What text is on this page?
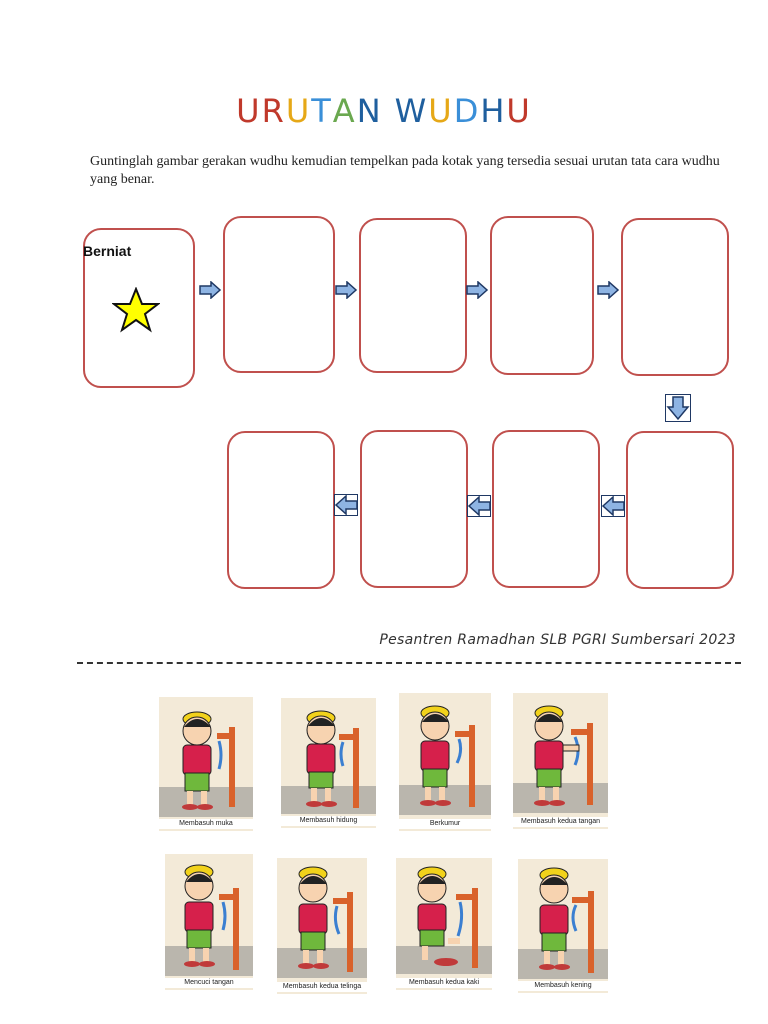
URUTAN WUDHU

Guntinglah gambar gerakan wudhu kemudian tempelkan pada kotak yang tersedia sesuai urutan tata cara wudhu yang benar.

Berniat
Pesantren Ramadhan SLB PGRI Sumbersari 2023
Membasuh muka	Membasuh hidung	Berkumur	Membasuh kedua tangan
Mencuci tangan
Membasuh kedua telinga
Membasuh kedua kaki	Membasuh kening
